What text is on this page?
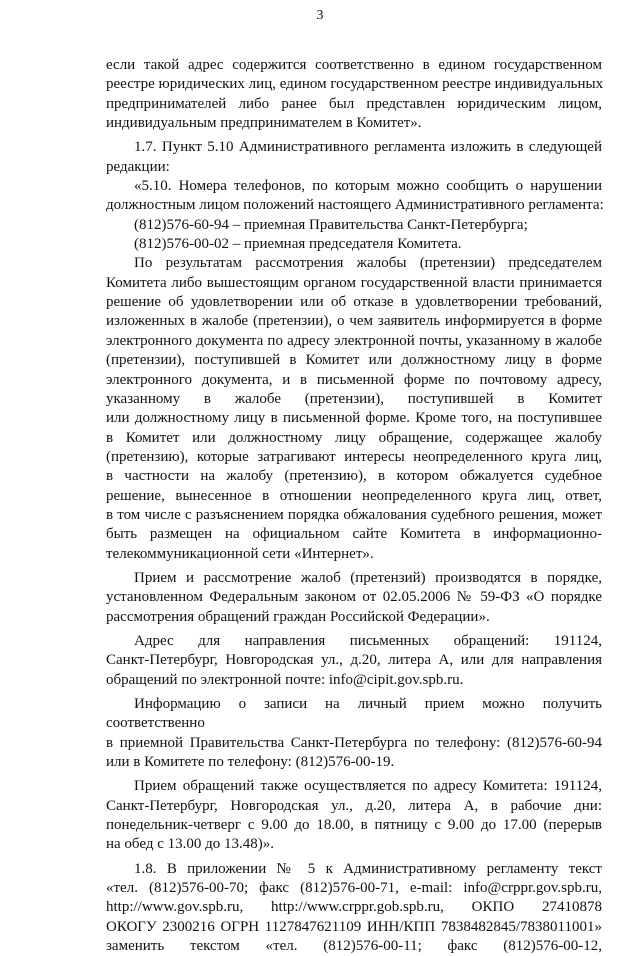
3
если такой адрес содержится соответственно в едином государственном
реестре юридических лиц, едином государственном реестре индивидуальных
предпринимателей либо ранее был представлен юридическим лицом,
индивидуальным предпринимателем в Комитет».
1.7. Пункт 5.10 Административного регламента изложить в следующей
редакции:
«5.10. Номера телефонов, по которым можно сообщить о нарушении
должностным лицом положений настоящего Административного регламента:
(812)576-60-94 – приемная Правительства Санкт-Петербурга;
(812)576-00-02 – приемная председателя Комитета.
По результатам рассмотрения жалобы (претензии) председателем
Комитета либо вышестоящим органом государственной власти принимается
решение об удовлетворении или об отказе в удовлетворении требований,
изложенных в жалобе (претензии), о чем заявитель информируется в форме
электронного документа по адресу электронной почты, указанному в жалобе
(претензии), поступившей в Комитет или должностному лицу в форме
электронного документа, и в письменной форме по почтовому адресу,
указанному в жалобе (претензии), поступившей в Комитет
или должностному лицу в письменной форме. Кроме того, на поступившее
в Комитет или должностному лицу обращение, содержащее жалобу
(претензию), которые затрагивают интересы неопределенного круга лиц,
в частности на жалобу (претензию), в котором обжалуется судебное
решение, вынесенное в отношении неопределенного круга лиц, ответ,
в том числе с разъяснением порядка обжалования судебного решения, может
быть размещен на официальном сайте Комитета в информационно-
телекоммуникационной сети «Интернет».
Прием и рассмотрение жалоб (претензий) производятся в порядке,
установленном Федеральным законом от 02.05.2006 № 59-ФЗ «О порядке
рассмотрения обращений граждан Российской Федерации».
Адрес для направления письменных обращений: 191124,
Санкт-Петербург, Новгородская ул., д.20, литера А, или для направления
обращений по электронной почте: info@cipit.gov.spb.ru.
Информацию о записи на личный прием можно получить
соответственно
в приемной Правительства Санкт-Петербурга по телефону: (812)576-60-94
или в Комитете по телефону: (812)576-00-19.
Прием обращений также осуществляется по адресу Комитета: 191124,
Санкт-Петербург, Новгородская ул., д.20, литера А, в рабочие дни:
понедельник-четверг с 9.00 до 18.00, в пятницу с 9.00 до 17.00 (перерыв
на обед с 13.00 до 13.48)».
1.8. В приложении № 5 к Административному регламенту текст
«тел. (812)576-00-70; факс (812)576-00-71, e-mail: info@crppr.gov.spb.ru,
http://www.gov.spb.ru, http://www.crppr.gob.spb.ru, ОКПО 27410878
ОКОГУ 2300216 ОГРН 1127847621109 ИНН/КПП 7838482845/7838011001»
заменить текстом «тел. (812)576-00-11; факс (812)576-00-12,
